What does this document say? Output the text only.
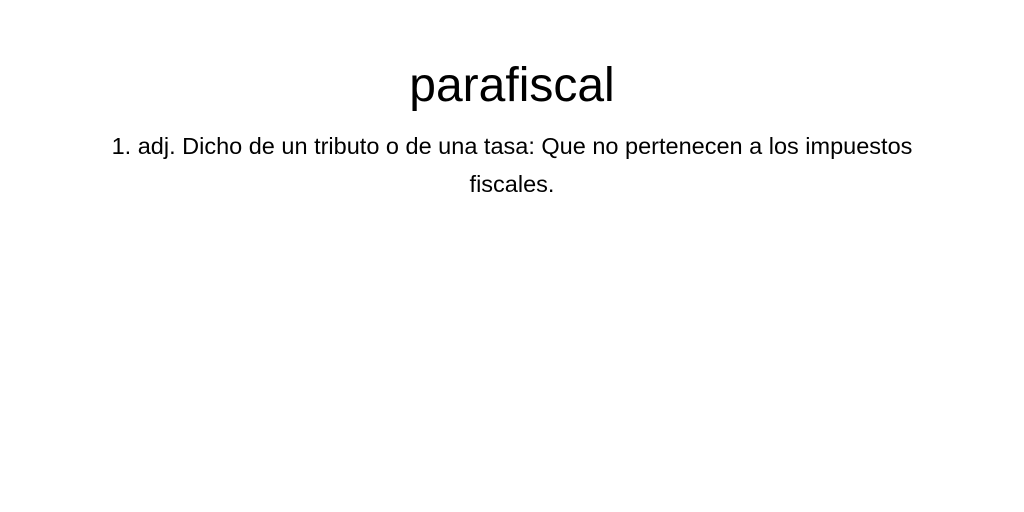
parafiscal

1. adj. Dicho de un tributo o de una tasa: Que no pertenecen a los impuestos fiscales.
